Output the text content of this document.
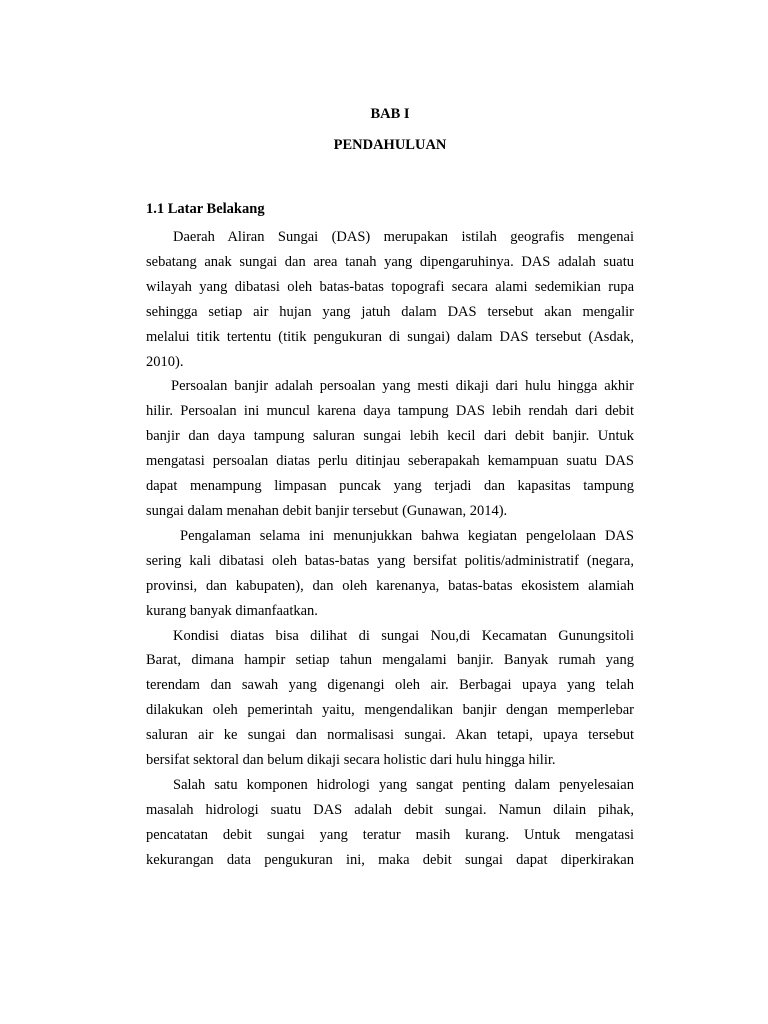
BAB I
PENDAHULUAN
1.1 Latar Belakang

Daerah Aliran Sungai (DAS) merupakan istilah geografis mengenai
sebatang anak sungai dan area tanah yang dipengaruhinya. DAS adalah suatu
wilayah yang dibatasi oleh batas-batas topografi secara alami sedemikian rupa
sehingga setiap air hujan yang jatuh dalam DAS tersebut akan mengalir
melalui titik tertentu (titik pengukuran di sungai) dalam DAS tersebut (Asdak,
2010).

Persoalan banjir adalah persoalan yang mesti dikaji dari hulu hingga akhir
hilir. Persoalan ini muncul karena daya tampung DAS lebih rendah dari debit
banjir dan daya tampung saluran sungai lebih kecil dari debit banjir. Untuk
mengatasi persoalan diatas perlu ditinjau seberapakah kemampuan suatu DAS
dapat menampung limpasan puncak yang terjadi dan kapasitas tampung
sungai dalam menahan debit banjir tersebut (Gunawan, 2014).

Pengalaman selama ini menunjukkan bahwa kegiatan pengelolaan DAS
sering kali dibatasi oleh batas-batas yang bersifat politis/administratif (negara,
provinsi, dan kabupaten), dan oleh karenanya, batas-batas ekosistem alamiah
kurang banyak dimanfaatkan.

Kondisi diatas bisa dilihat di sungai Nou,di Kecamatan Gunungsitoli
Barat, dimana hampir setiap tahun mengalami banjir. Banyak rumah yang
terendam dan sawah yang digenangi oleh air. Berbagai upaya yang telah
dilakukan oleh pemerintah yaitu, mengendalikan banjir dengan memperlebar
saluran air ke sungai dan normalisasi sungai. Akan tetapi, upaya tersebut
bersifat sektoral dan belum dikaji secara holistic dari hulu hingga hilir.

Salah satu komponen hidrologi yang sangat penting dalam penyelesaian
masalah hidrologi suatu DAS adalah debit sungai. Namun dilain pihak,
pencatatan debit sungai yang teratur masih kurang. Untuk mengatasi
kekurangan data pengukuran ini, maka debit sungai dapat diperkirakan
